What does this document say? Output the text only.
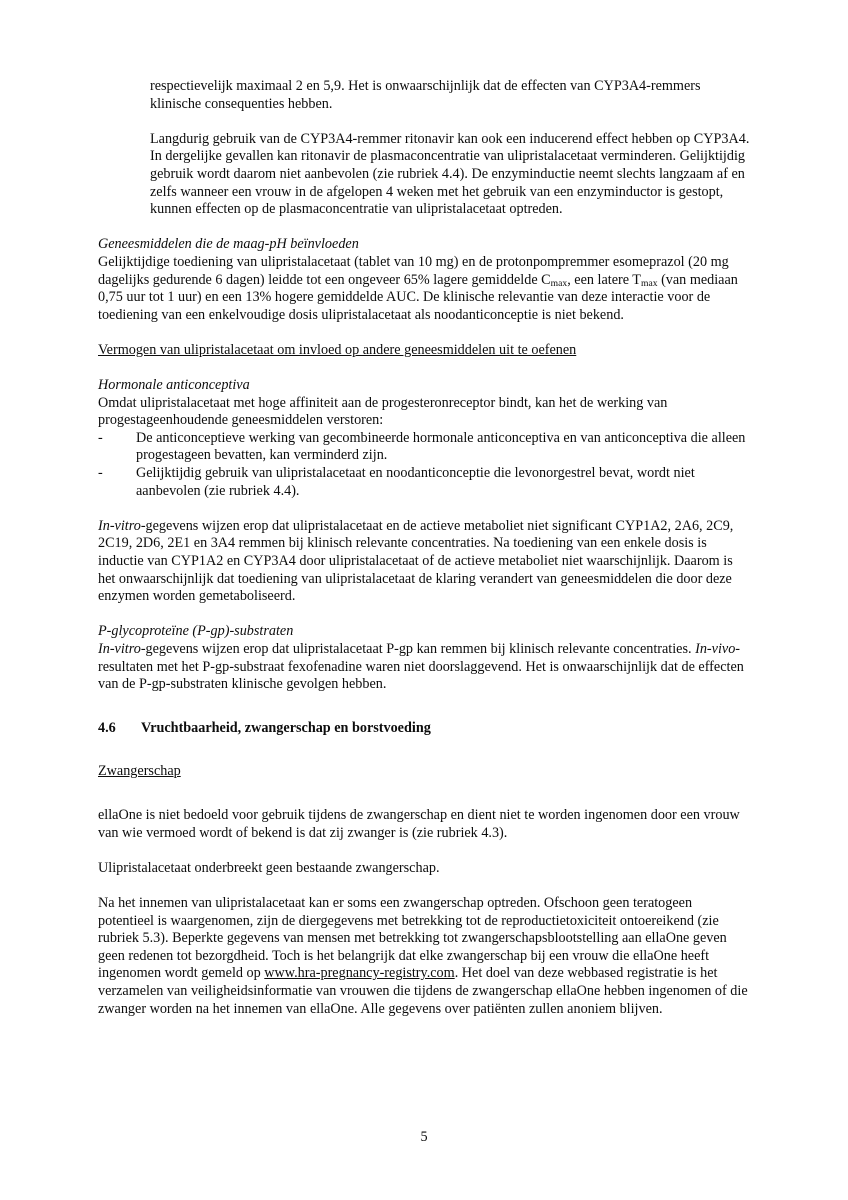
respectievelijk maximaal 2 en 5,9. Het is onwaarschijnlijk dat de effecten van CYP3A4-remmers klinische consequenties hebben.

Langdurig gebruik van de CYP3A4-remmer ritonavir kan ook een inducerend effect hebben op CYP3A4. In dergelijke gevallen kan ritonavir de plasmaconcentratie van ulipristalacetaat verminderen. Gelijktijdig gebruik wordt daarom niet aanbevolen (zie rubriek 4.4). De enzyminductie neemt slechts langzaam af en zelfs wanneer een vrouw in de afgelopen 4 weken met het gebruik van een enzyminductor is gestopt, kunnen effecten op de plasmaconcentratie van ulipristalacetaat optreden.

Geneesmiddelen die de maag-pH beïnvloeden

Gelijktijdige toediening van ulipristalacetaat (tablet van 10 mg) en de protonpompremmer esomeprazol (20 mg dagelijks gedurende 6 dagen) leidde tot een ongeveer 65% lagere gemiddelde $C_{max}$, een latere $T_{max}$ (van mediaan 0,75 uur tot 1 uur) en een 13% hogere gemiddelde AUC. De klinische relevantie van deze interactie voor de toediening van een enkelvoudige dosis ulipristalacetaat als noodanticonceptie is niet bekend.

Vermogen van ulipristalacetaat om invloed op andere geneesmiddelen uit te oefenen
Hormonale anticonceptiva

Omdat ulipristalacetaat met hoge affiniteit aan de progesteronreceptor bindt, kan het de werking van progestageenhoudende geneesmiddelen verstoren:

- De anticonceptieve werking van gecombineerde hormonale anticonceptiva en van anticonceptiva die alleen progestageen bevatten, kan verminderd zijn.
- Gelijktijdig gebruik van ulipristalacetaat en noodanticonceptie die levonorgestrel bevat, wordt niet aanbevolen (zie rubriek 4.4).

In-vitro-gegevens wijzen erop dat ulipristalacetaat en de actieve metaboliet niet significant CYP1A2, 2A6, 2C9, 2C19, 2D6, 2E1 en 3A4 remmen bij klinisch relevante concentraties. Na toediening van een enkele dosis is inductie van CYP1A2 en CYP3A4 door ulipristalacetaat of de actieve metaboliet niet waarschijnlijk. Daarom is het onwaarschijnlijk dat toediening van ulipristalacetaat de klaring verandert van geneesmiddelen die door deze enzymen worden gemetaboliseerd.

P-glycoproteïne (P-gp)-substraten

In-vitro-gegevens wijzen erop dat ulipristalacetaat P-gp kan remmen bij klinisch relevante concentraties. In-vivo-resultaten met het P-gp-substraat fexofenadine waren niet doorslaggevend. Het is onwaarschijnlijk dat de effecten van de P-gp-substraten klinische gevolgen hebben.

4.6	Vruchtbaarheid, zwangerschap en borstvoeding
Zwangerschap

ellaOne is niet bedoeld voor gebruik tijdens de zwangerschap en dient niet te worden ingenomen door een vrouw van wie vermoed wordt of bekend is dat zij zwanger is (zie rubriek 4.3).

Ulipristalacetaat onderbreekt geen bestaande zwangerschap.

Na het innemen van ulipristalacetaat kan er soms een zwangerschap optreden. Ofschoon geen teratogeen potentieel is waargenomen, zijn de diergegevens met betrekking tot de reproductietoxiciteit ontoereikend (zie rubriek 5.3). Beperkte gegevens van mensen met betrekking tot zwangerschapsblootstelling aan ellaOne geven geen redenen tot bezorgdheid. Toch is het belangrijk dat elke zwangerschap bij een vrouw die ellaOne heeft ingenomen wordt gemeld op www.hra-pregnancy-registry.com. Het doel van deze webbased registratie is het verzamelen van veiligheidsinformatie van vrouwen die tijdens de zwangerschap ellaOne hebben ingenomen of die zwanger worden na het innemen van ellaOne. Alle gegevens over patiënten zullen anoniem blijven.

5
